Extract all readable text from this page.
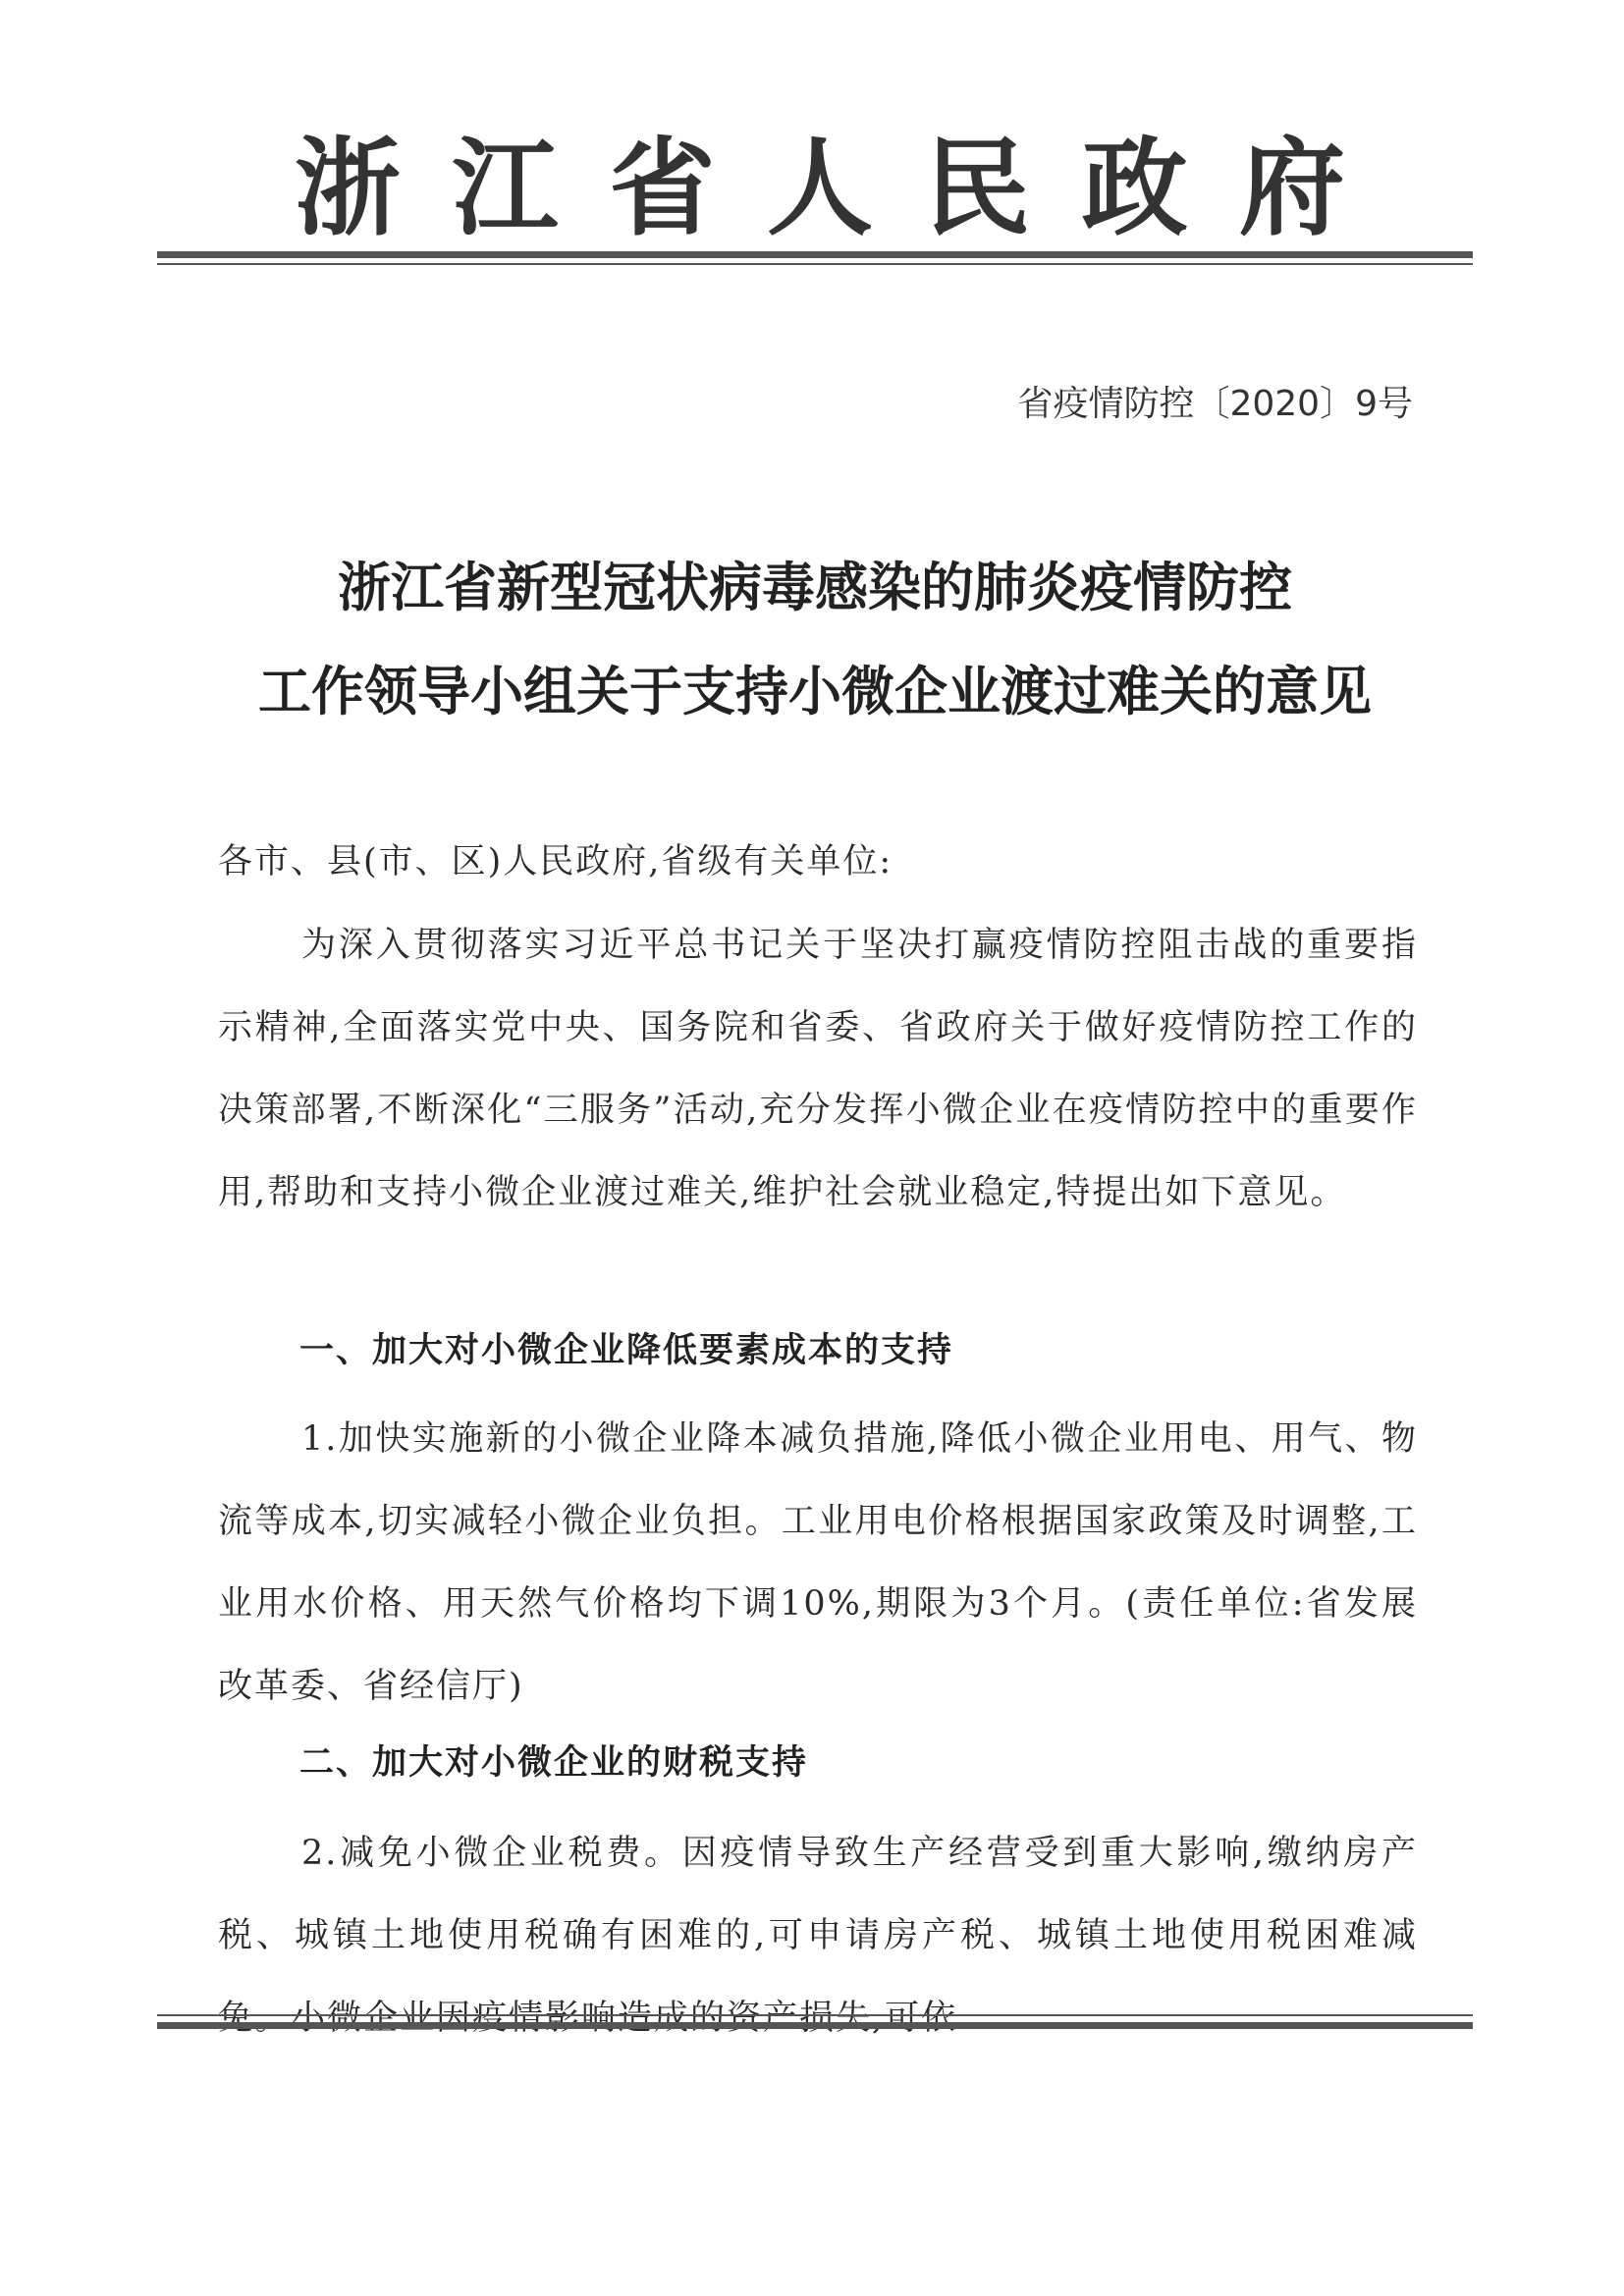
浙 江 省 人 民 政 府
省疫情防控〔2020〕9号
浙江省新型冠状病毒感染的肺炎疫情防控
工作领导小组关于支持小微企业渡过难关的意见
各市、县(市、区)人民政府,省级有关单位:
为深入贯彻落实习近平总书记关于坚决打赢疫情防控阻击战的重要指示精神,全面落实党中央、国务院和省委、省政府关于做好疫情防控工作的决策部署,不断深化“三服务”活动,充分发挥小微企业在疫情防控中的重要作用,帮助和支持小微企业渡过难关,维护社会就业稳定,特提出如下意见。
一、加大对小微企业降低要素成本的支持
1.加快实施新的小微企业降本减负措施,降低小微企业用电、用气、物流等成本,切实减轻小微企业负担。工业用电价格根据国家政策及时调整,工业用水价格、用天然气价格均下调10%,期限为3个月。(责任单位:省发展改革委、省经信厅)
二、加大对小微企业的财税支持
2.减免小微企业税费。因疫情导致生产经营受到重大影响,缴纳房产税、城镇土地使用税确有困难的,可申请房产税、城镇土地使用税困难减免。小微企业因疫情影响造成的资产损失,可依
